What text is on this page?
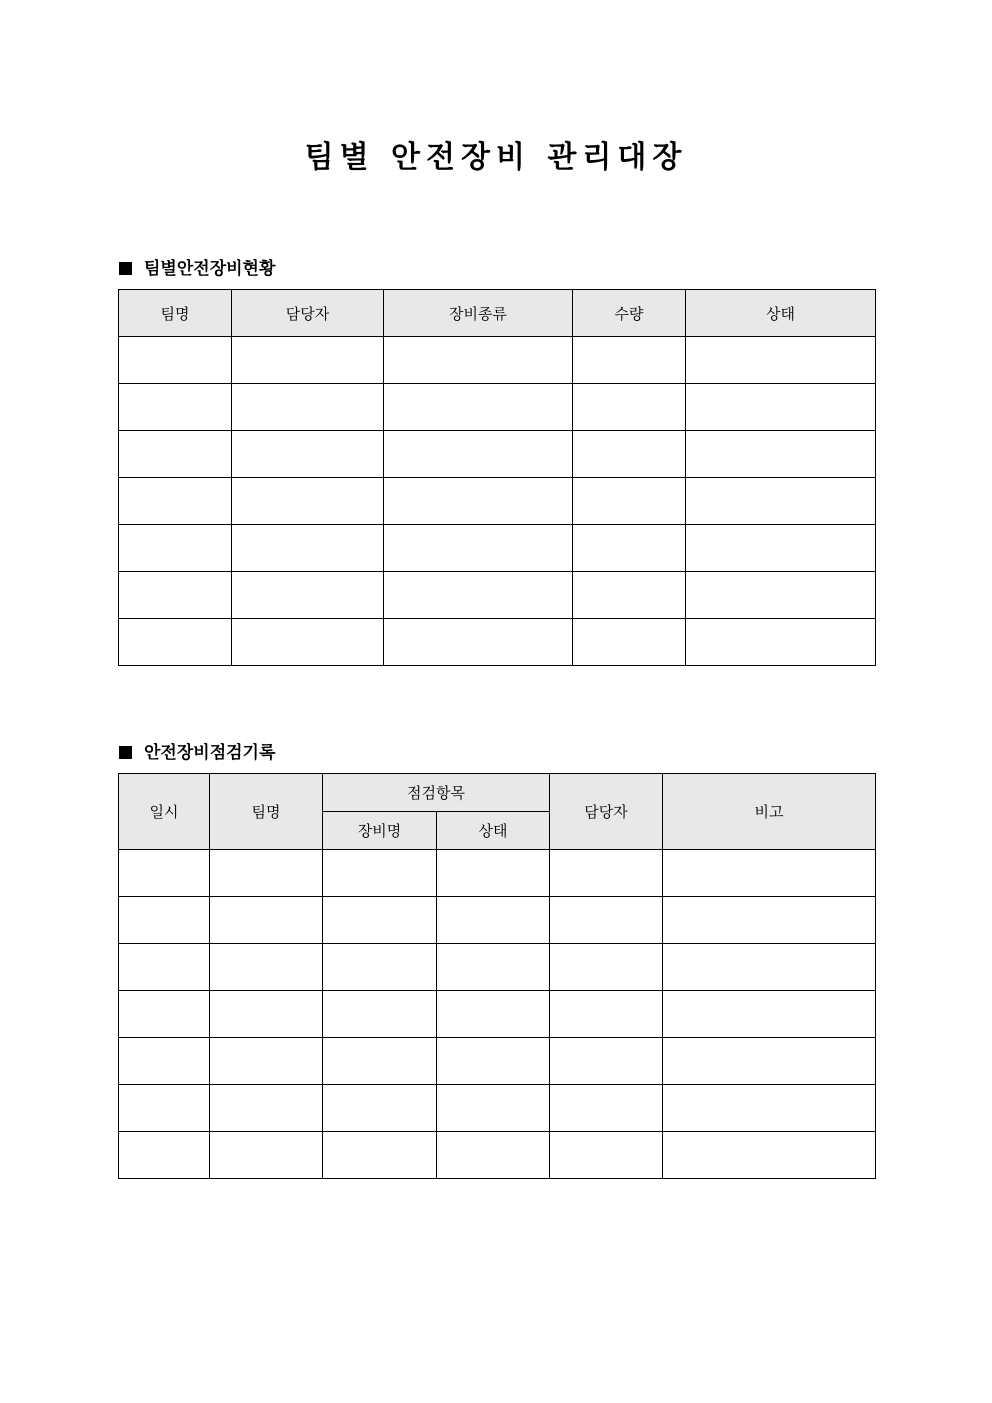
팀별 안전장비 관리대장
팀별안전장비현황
팀명	담당자	장비종류	수량	상태

안전장비점검기록
일시	팀명	점검항목		담당자	비고
		장비명	상태		
